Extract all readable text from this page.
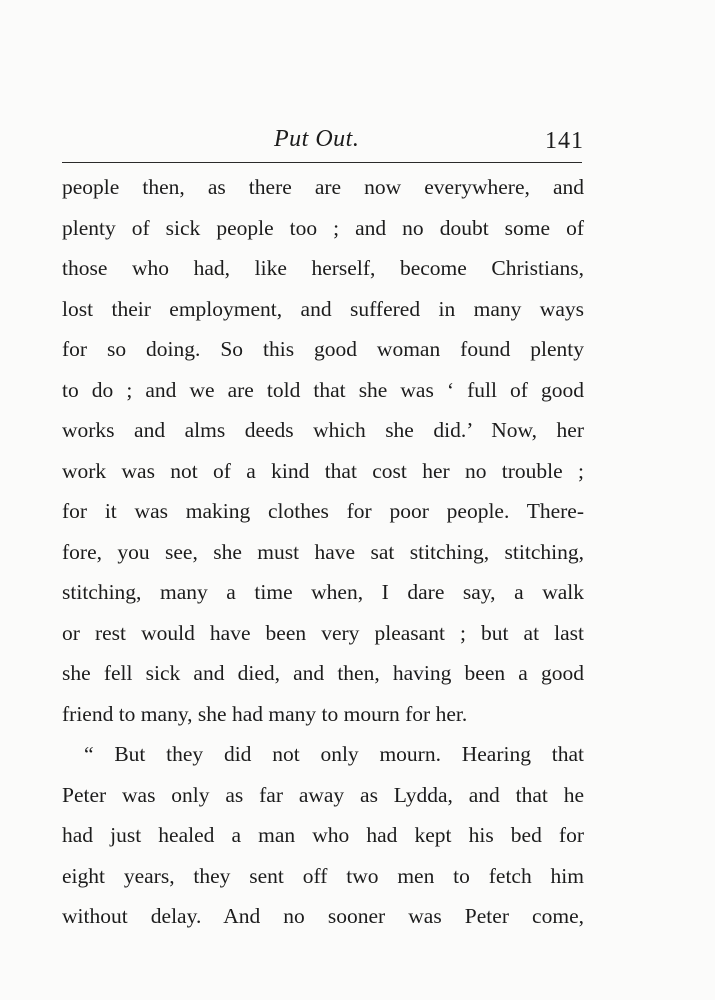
Put Out.	141
people then, as there are now everywhere, and
plenty of sick people too ; and no doubt some of
those who had, like herself, become Christians,
lost their employment, and suffered in many ways
for so doing. So this good woman found plenty
to do ; and we are told that she was ‘ full of good
works and alms deeds which she did.’ Now, her
work was not of a kind that cost her no trouble ;
for it was making clothes for poor people. There-
fore, you see, she must have sat stitching, stitching,
stitching, many a time when, I dare say, a walk
or rest would have been very pleasant ; but at last
she fell sick and died, and then, having been a good
friend to many, she had many to mourn for her.
“ But they did not only mourn. Hearing that
Peter was only as far away as Lydda, and that he
had just healed a man who had kept his bed for
eight years, they sent off two men to fetch him
without delay. And no sooner was Peter come,
